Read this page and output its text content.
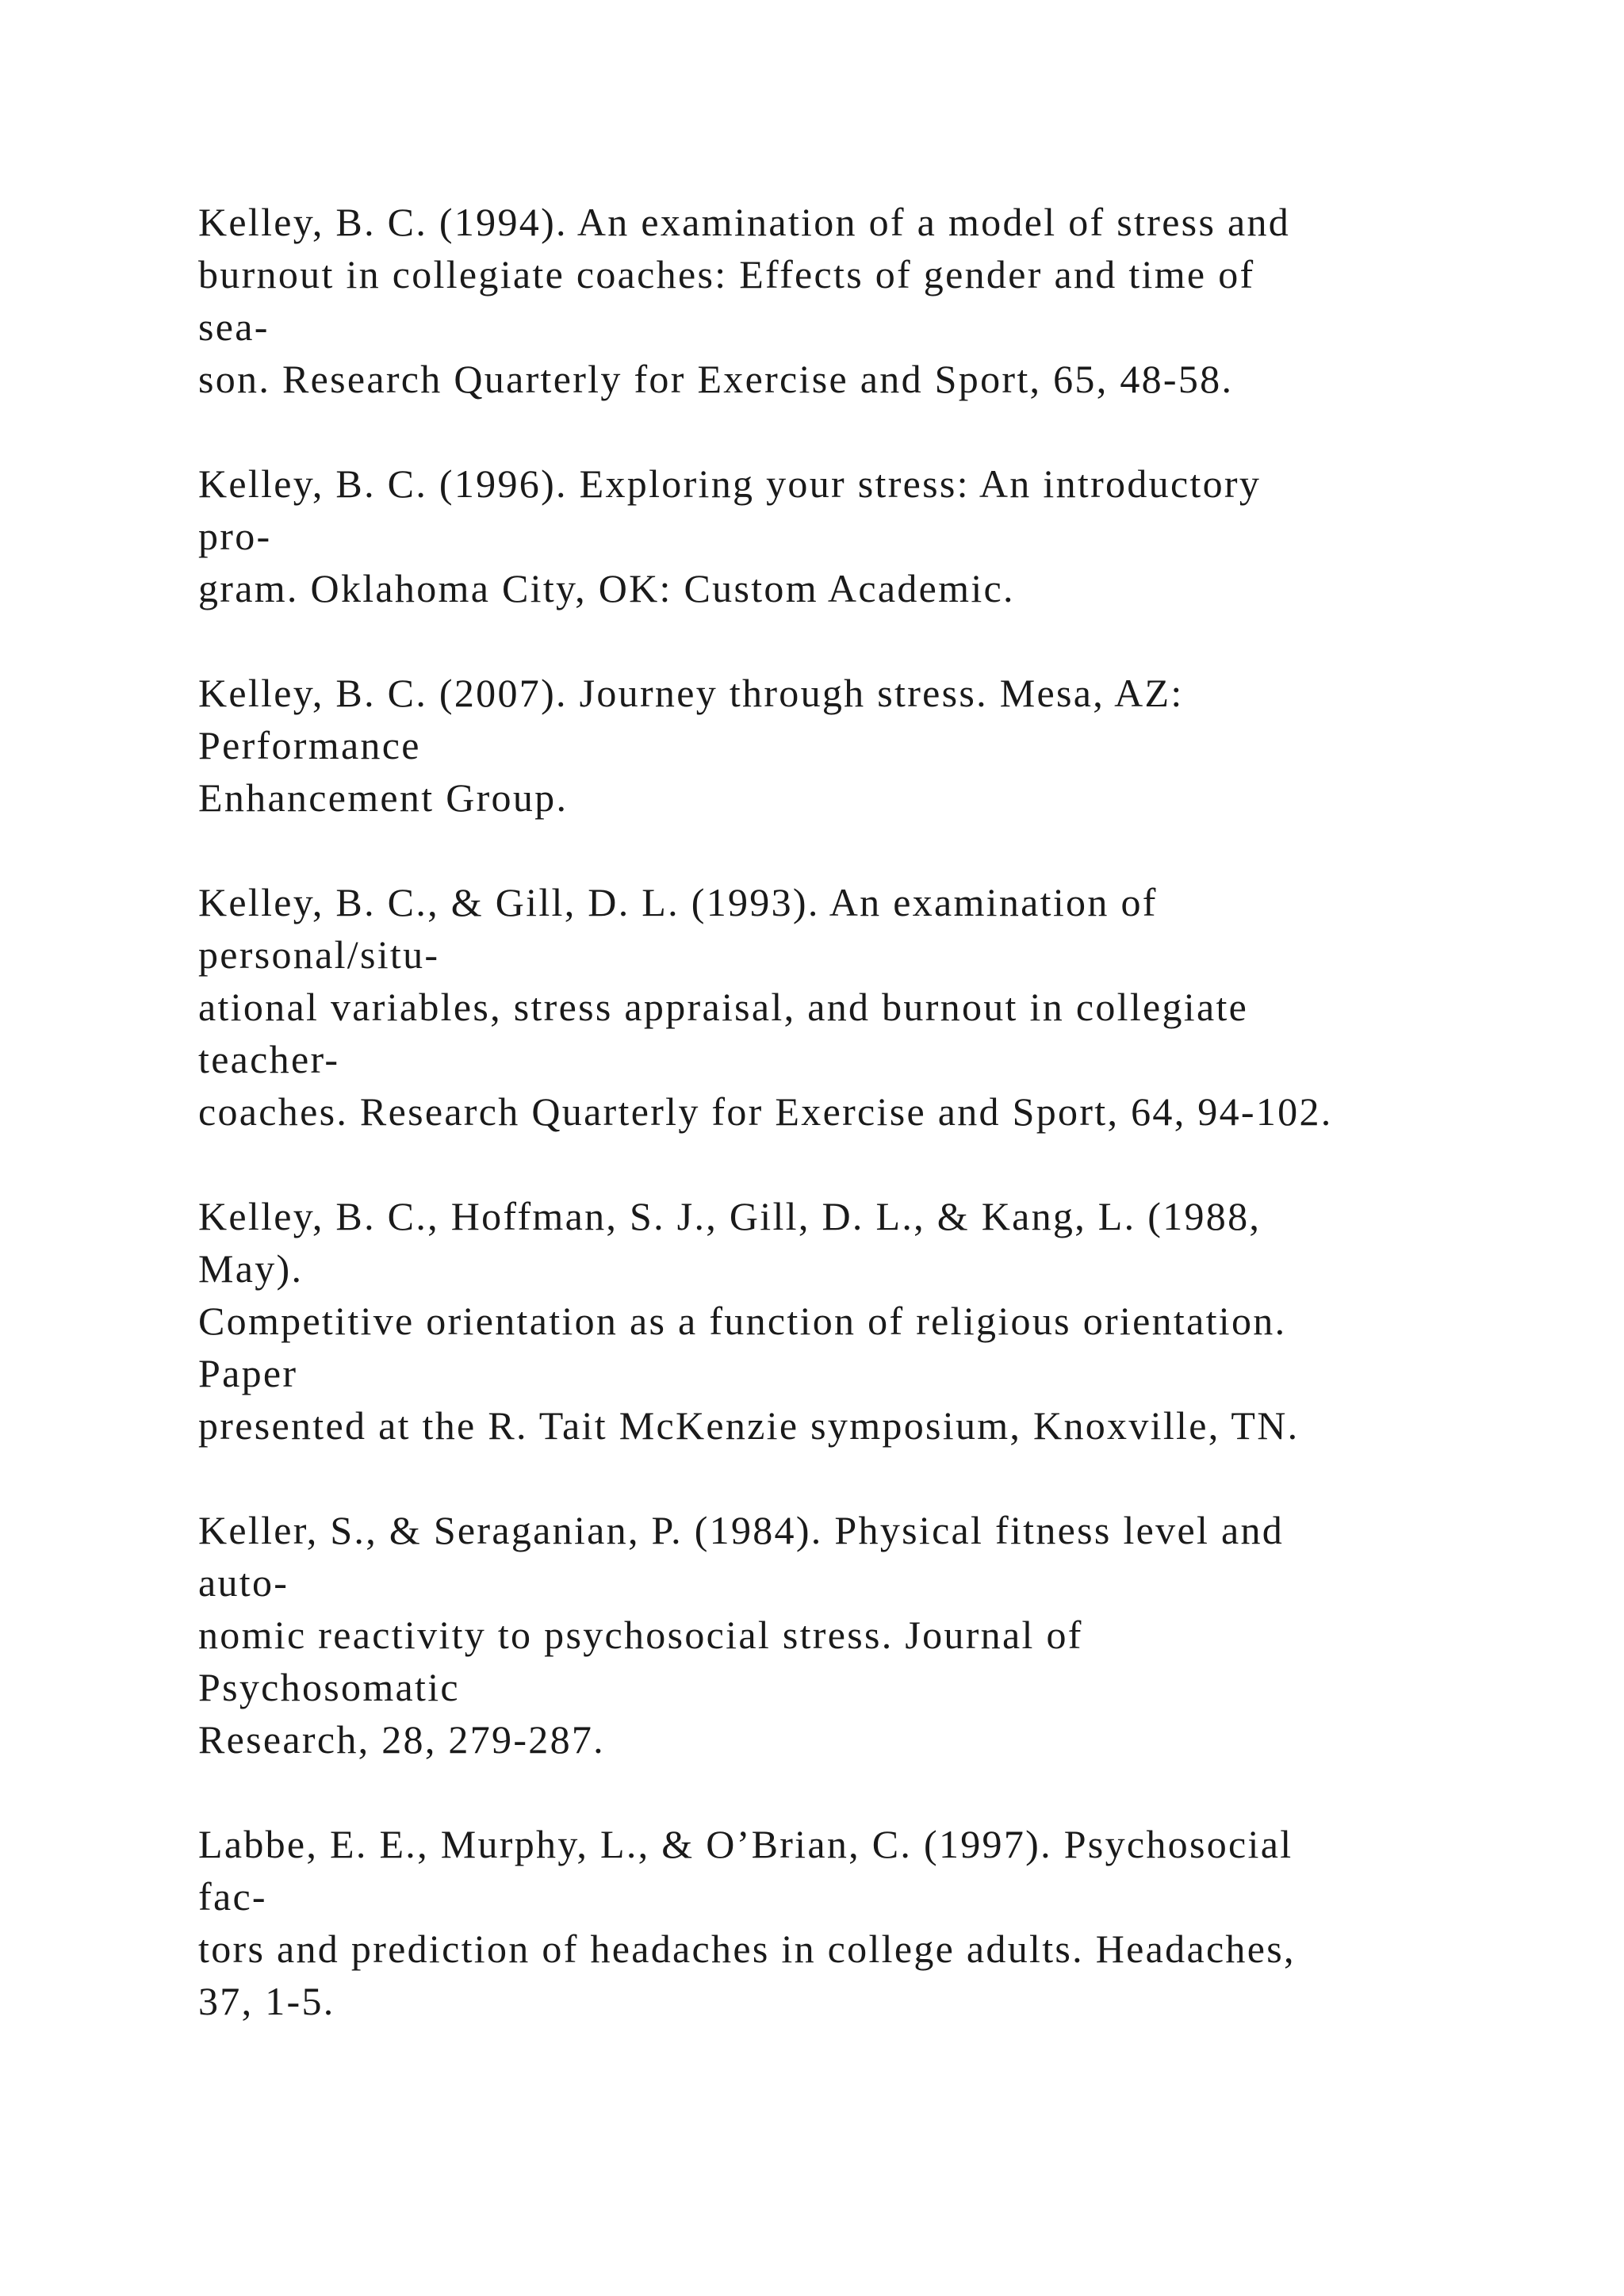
Kelley, B. C. (1994). An examination of a model of stress and
burnout in collegiate coaches: Effects of gender and time of
sea-
son. Research Quarterly for Exercise and Sport, 65, 48-58.
Kelley, B. C. (1996). Exploring your stress: An introductory
pro-
gram. Oklahoma City, OK: Custom Academic.
Kelley, B. C. (2007). Journey through stress. Mesa, AZ:
Performance
Enhancement Group.
Kelley, B. C., & Gill, D. L. (1993). An examination of
personal/situ-
ational variables, stress appraisal, and burnout in collegiate
teacher-
coaches. Research Quarterly for Exercise and Sport, 64, 94-102.
Kelley, B. C., Hoffman, S. J., Gill, D. L., & Kang, L. (1988,
May).
Competitive orientation as a function of religious orientation.
Paper
presented at the R. Tait McKenzie symposium, Knoxville, TN.
Keller, S., & Seraganian, P. (1984). Physical fitness level and
auto-
nomic reactivity to psychosocial stress. Journal of
Psychosomatic
Research, 28, 279-287.
Labbe, E. E., Murphy, L., & O’Brian, C. (1997). Psychosocial
fac-
tors and prediction of headaches in college adults. Headaches,
37, 1-5.
